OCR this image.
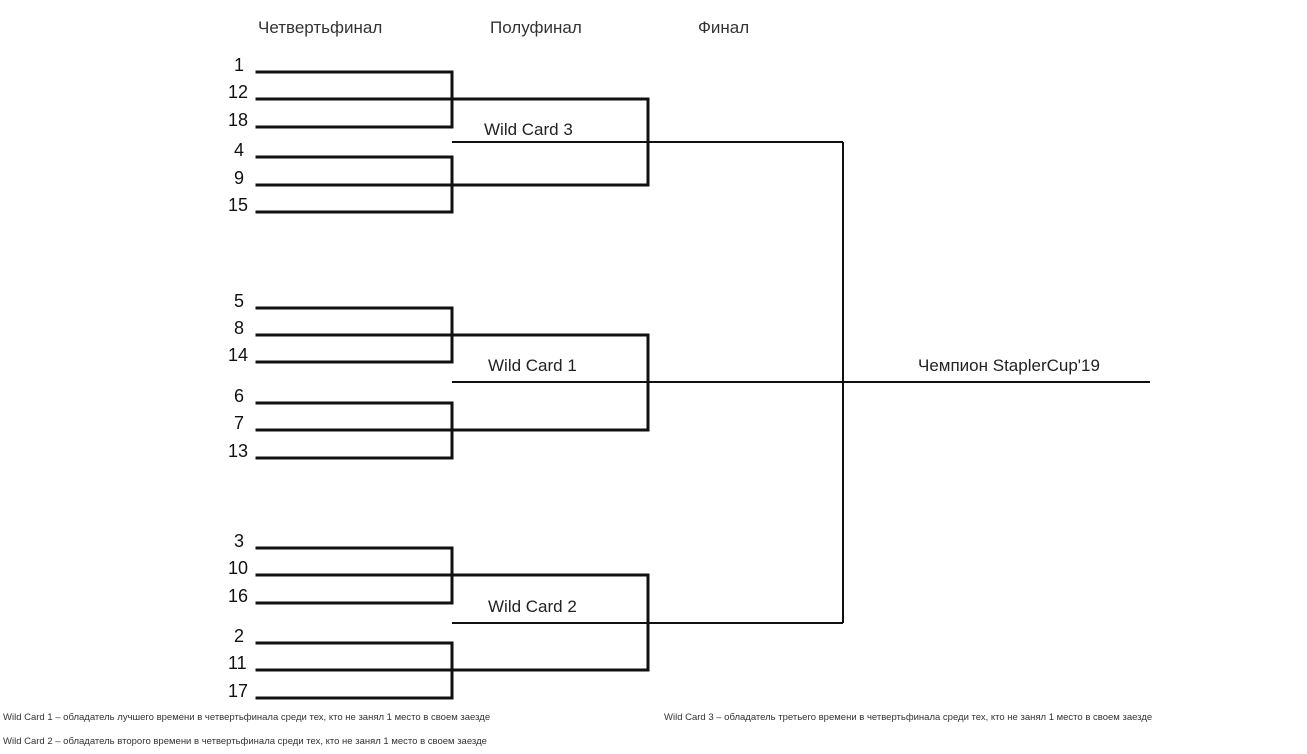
Четвертьфинал	Полуфинал	Финал
1
12
18
4
9
15
5
8
14
6
7
13
3
10
16
2
11
17
Wild Card 3
Wild Card 1
Wild Card 2
Чемпион StaplerCup'19
Wild Card 1 – обладатель лучшего времени в четвертьфинала среди тех, кто не занял 1 место в своем заезде	Wild Card 3 – обладатель третьего времени в четвертьфинала среди тех, кто не занял 1 место в своем заезде
Wild Card 2 – обладатель второго времени в четвертьфинала среди тех, кто не занял 1 место в своем заезде
